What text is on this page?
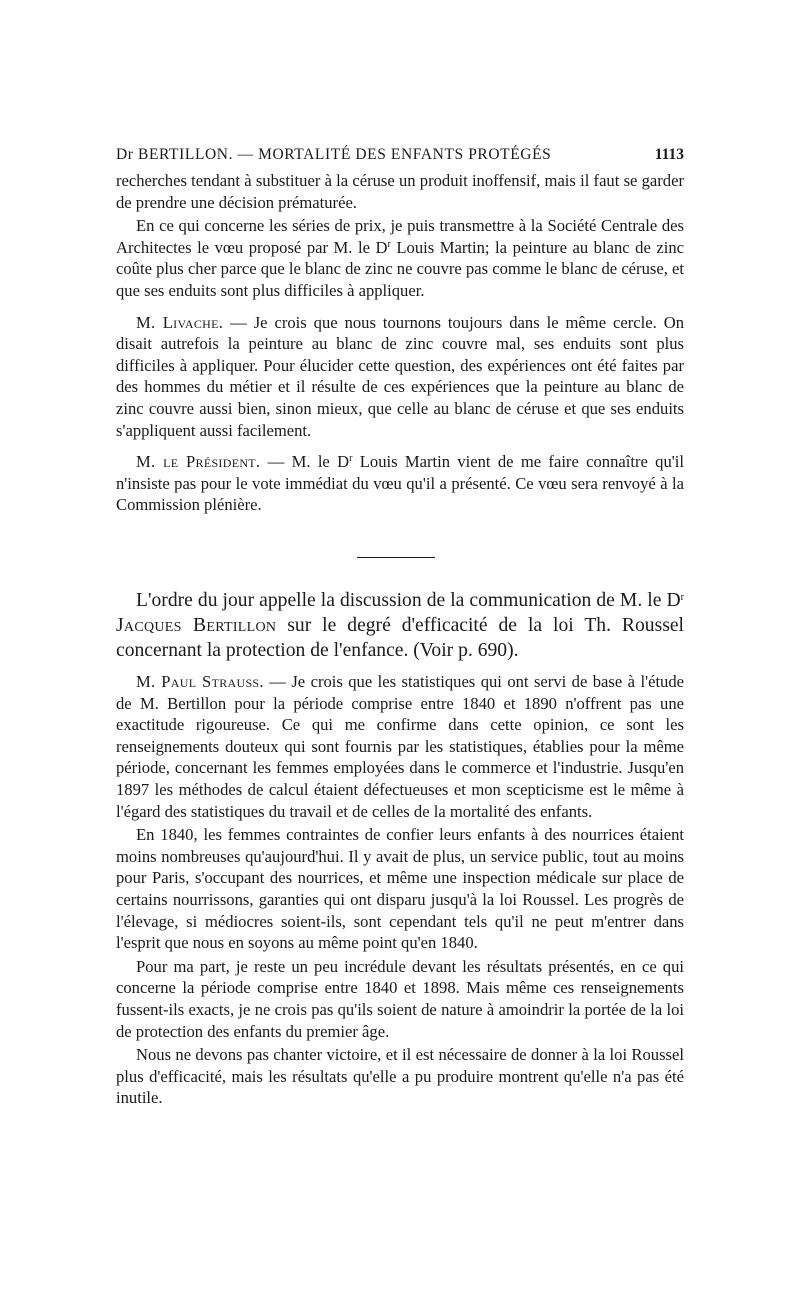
Dr BERTILLON. — MORTALITÉ DES ENFANTS PROTÉGÉS	1113

recherches tendant à substituer à la céruse un produit inoffensif, mais il faut se garder de prendre une décision prématurée.

En ce qui concerne les séries de prix, je puis transmettre à la Société Centrale des Architectes le vœu proposé par M. le $D^r$ Louis Martin; la peinture au blanc de zinc coûte plus cher parce que le blanc de zinc ne couvre pas comme le blanc de céruse, et que ses enduits sont plus difficiles à appliquer.

M. Livache. — Je crois que nous tournons toujours dans le même cercle. On disait autrefois la peinture au blanc de zinc couvre mal, ses enduits sont plus difficiles à appliquer. Pour élucider cette question, des expériences ont été faites par des hommes du métier et il résulte de ces expériences que la peinture au blanc de zinc couvre aussi bien, sinon mieux, que celle au blanc de céruse et que ses enduits s'appliquent aussi facilement.

M. le Président. — M. le $D^r$ Louis Martin vient de me faire connaître qu'il n'insiste pas pour le vote immédiat du vœu qu'il a présenté. Ce vœu sera renvoyé à la Commission plénière.

L'ordre du jour appelle la discussion de la communication de M. le $D^r$ Jacques Bertillon sur le degré d'efficacité de la loi Th. Roussel concernant la protection de l'enfance. (Voir p. 690).

M. Paul Strauss. — Je crois que les statistiques qui ont servi de base à l'étude de M. Bertillon pour la période comprise entre 1840 et 1890 n'offrent pas une exactitude rigoureuse. Ce qui me confirme dans cette opinion, ce sont les renseignements douteux qui sont fournis par les statistiques, établies pour la même période, concernant les femmes employées dans le commerce et l'industrie. Jusqu'en 1897 les méthodes de calcul étaient défectueuses et mon scepticisme est le même à l'égard des statistiques du travail et de celles de la mortalité des enfants.

En 1840, les femmes contraintes de confier leurs enfants à des nourrices étaient moins nombreuses qu'aujourd'hui. Il y avait de plus, un service public, tout au moins pour Paris, s'occupant des nourrices, et même une inspection médicale sur place de certains nourrissons, garanties qui ont disparu jusqu'à la loi Roussel. Les progrès de l'élevage, si médiocres soient-ils, sont cependant tels qu'il ne peut m'entrer dans l'esprit que nous en soyons au même point qu'en 1840.

Pour ma part, je reste un peu incrédule devant les résultats présentés, en ce qui concerne la période comprise entre 1840 et 1898. Mais même ces renseignements fussent-ils exacts, je ne crois pas qu'ils soient de nature à amoindrir la portée de la loi de protection des enfants du premier âge.

Nous ne devons pas chanter victoire, et il est nécessaire de donner à la loi Roussel plus d'efficacité, mais les résultats qu'elle a pu produire montrent qu'elle n'a pas été inutile.
